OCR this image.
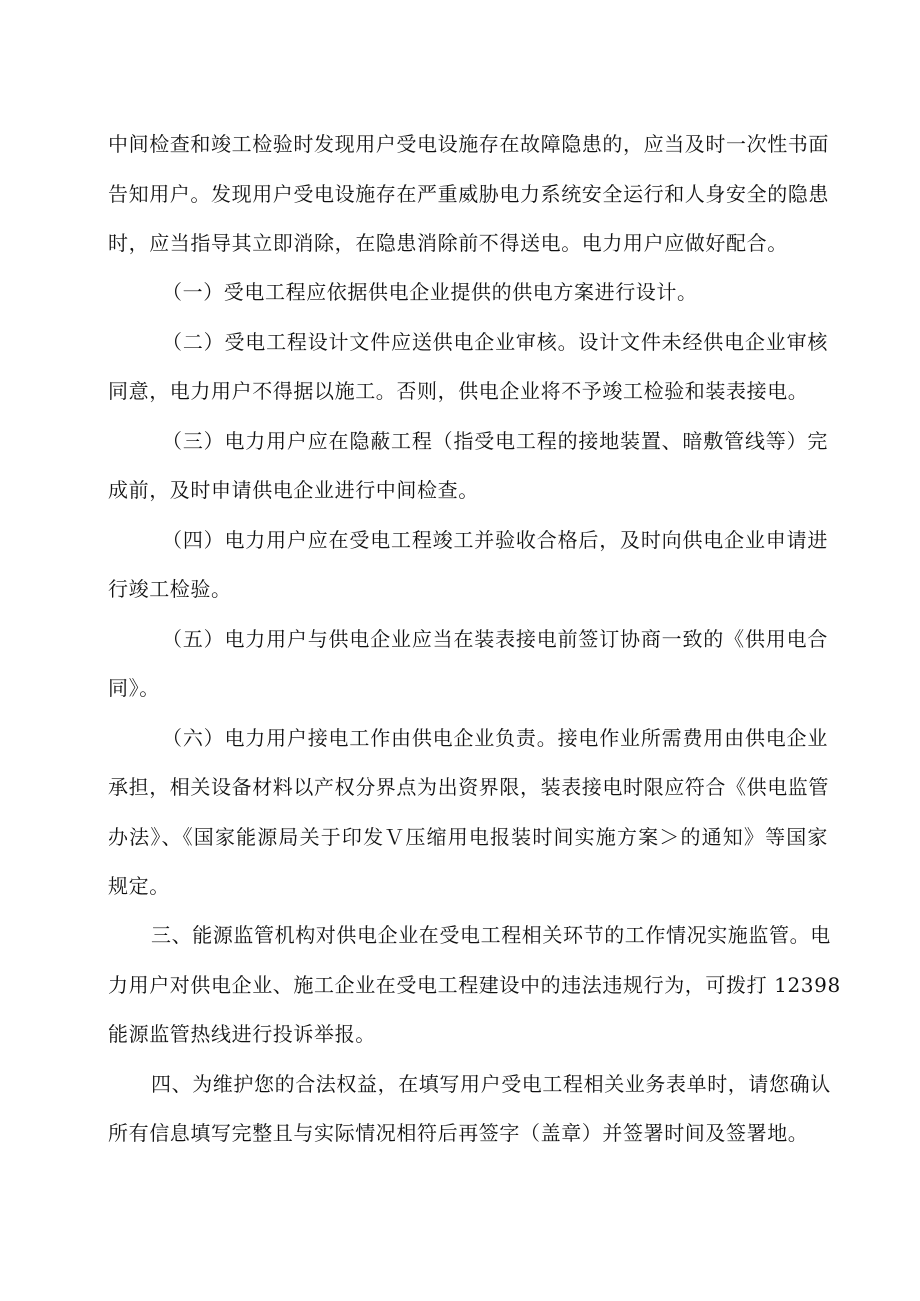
中间检查和竣工检验时发现用户受电设施存在故障隐患的，应当及时一次性书面
告知用户。发现用户受电设施存在严重威胁电力系统安全运行和人身安全的隐患
时，应当指导其立即消除，在隐患消除前不得送电。电力用户应做好配合。
（一）受电工程应依据供电企业提供的供电方案进行设计。
（二）受电工程设计文件应送供电企业审核。设计文件未经供电企业审核
同意，电力用户不得据以施工。否则，供电企业将不予竣工检验和装表接电。
（三）电力用户应在隐蔽工程（指受电工程的接地装置、暗敷管线等）完
成前，及时申请供电企业进行中间检查。
（四）电力用户应在受电工程竣工并验收合格后，及时向供电企业申请进
行竣工检验。
（五）电力用户与供电企业应当在装表接电前签订协商一致的《供用电合
同》。
（六）电力用户接电工作由供电企业负责。接电作业所需费用由供电企业
承担，相关设备材料以产权分界点为出资界限，装表接电时限应符合《供电监管
办法》、《国家能源局关于印发Ｖ压缩用电报装时间实施方案＞的通知》等国家
规定。
三、能源监管机构对供电企业在受电工程相关环节的工作情况实施监管。电
力用户对供电企业、施工企业在受电工程建设中的违法违规行为，可拨打 12398
能源监管热线进行投诉举报。
四、为维护您的合法权益，在填写用户受电工程相关业务表单时，请您确认
所有信息填写完整且与实际情况相符后再签字（盖章）并签署时间及签署地。
